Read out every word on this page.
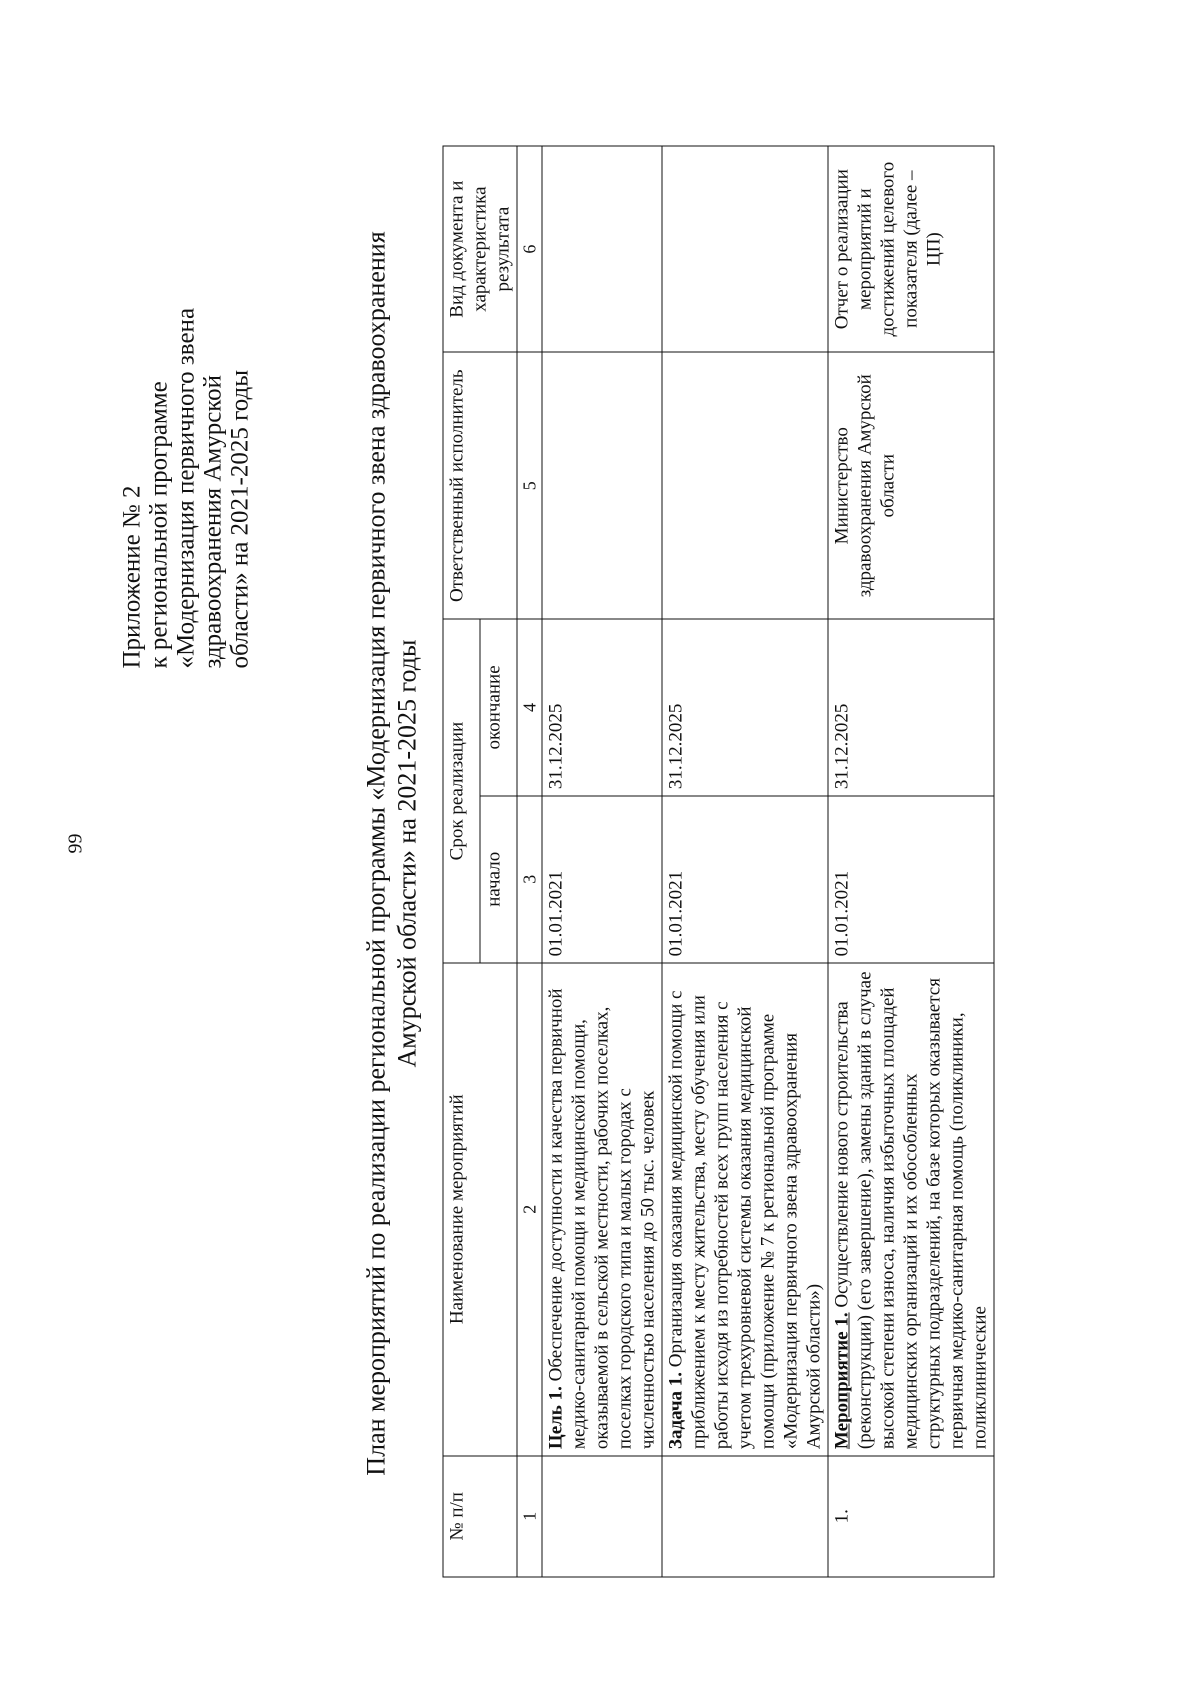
99
Приложение № 2 к региональной программе «Модернизация первичного звена здравоохранения Амурской области» на 2021-2025 годы	План мероприятий по реализации региональной программы «Модернизация первичного звена здравоохранения Амурской области» на 2021-2025 годы
№ п/п	Наименование мероприятий	Срок реализации		Ответственный исполнитель	Вид документа и характеристика результата
		начало	окончание		
1	2	3	4	5	6
	Цель 1. Обеспечение доступности и качества первичной медико-санитарной помощи и медицинской помощи, оказываемой в сельской местности, рабочих поселках, поселках городского типа и малых городах с численностью населения до 50 тыс. человек	01.01.2021	31.12.2025		
	Задача 1. Организация оказания медицинской помощи с приближением к месту жительства, месту обучения или работы исходя из потребностей всех групп населения с учетом трехуровневой системы оказания медицинской помощи (приложение № 7 к региональной программе «Модернизация первичного звена здравоохранения Амурской области»)	01.01.2021	31.12.2025		
1.	Мероприятие 1. Осуществление нового строительства (реконструкции) (его завершение), замены зданий в случае высокой степени износа, наличия избыточных площадей медицинских организаций и их обособленных структурных подразделений, на базе которых оказывается первичная медико-санитарная помощь (поликлиники, поликлинические	01.01.2021	31.12.2025	Министерство здравоохранения Амурской области	Отчет о реализации мероприятий и достижений целевого показателя (далее – ЦП)
